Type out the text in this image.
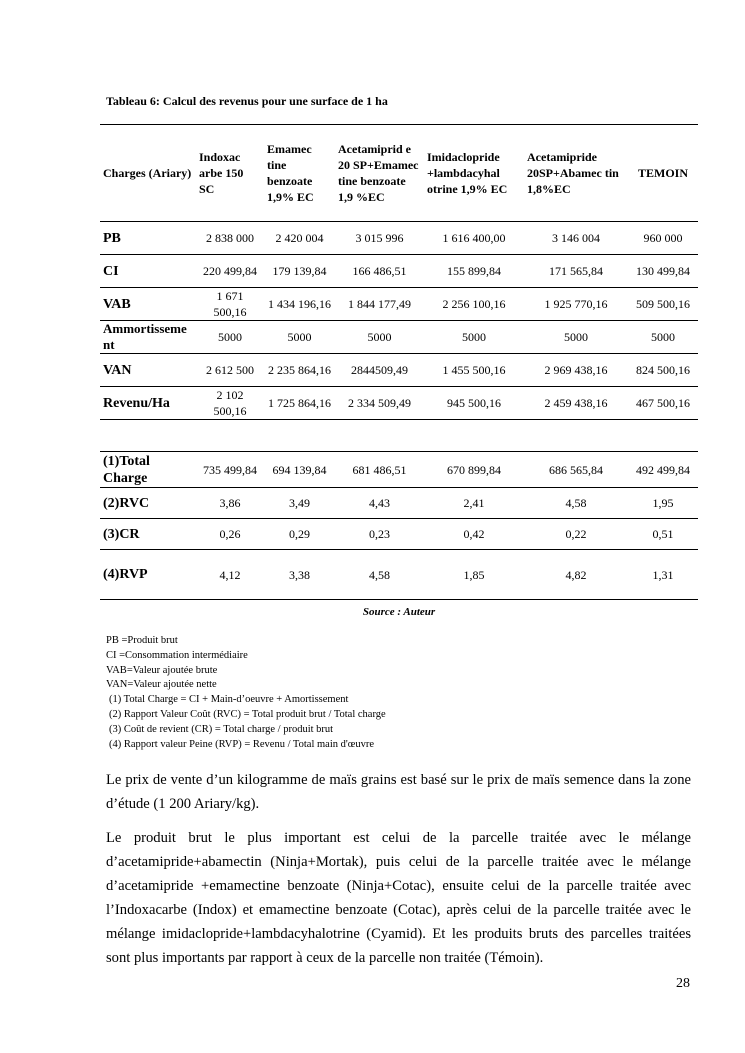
Tableau 6: Calcul des revenus pour une surface de 1 ha
Charges (Ariary)	Indoxac arbe 150 SC	Emamec tine benzoate 1,9% EC	Acetamiprid e 20 SP+Emamec tine benzoate 1,9 %EC	Imidaclopride +lambdacyhal otrine 1,9% EC	Acetamipride 20SP+Abamec tin 1,8%EC	TEMOIN
PB	2 838 000	2 420 004	3 015 996	1 616 400,00	3 146 004	960 000
CI	220 499,84	179 139,84	166 486,51	155 899,84	171 565,84	130 499,84
VAB	1 671 500,16	1 434 196,16	1 844 177,49	2 256 100,16	1 925 770,16	509 500,16
Ammortissement	5000	5000	5000	5000	5000	5000
VAN	2 612 500	2 235 864,16	2844509,49	1 455 500,16	2 969 438,16	824 500,16
Revenu/Ha	2 102 500,16	1 725 864,16	2 334 509,49	945 500,16	2 459 438,16	467 500,16

(1)Total Charge	735 499,84	694 139,84	681 486,51	670 899,84	686 565,84	492 499,84
(2)RVC	3,86	3,49	4,43	2,41	4,58	1,95
(3)CR	0,26	0,29	0,23	0,42	0,22	0,51
(4)RVP	4,12	3,38	4,58	1,85	4,82	1,31
Source : Auteur
PB =Produit brut
CI =Consommation intermédiaire
VAB=Valeur ajoutée brute
VAN=Valeur ajoutée nette
(1) Total Charge = CI + Main-d’oeuvre + Amortissement
(2) Rapport Valeur Coût (RVC) = Total produit brut / Total charge
(3) Coût de revient (CR) = Total charge / produit brut
(4) Rapport valeur Peine (RVP) = Revenu / Total main d'œuvre
Le prix de vente d’un kilogramme de maïs grains est basé sur le prix de maïs semence dans la zone d’étude (1 200 Ariary/kg).
Le produit brut le plus important est celui de la parcelle traitée avec le mélange d’acetamipride+abamectin (Ninja+Mortak), puis celui de la parcelle traitée avec le mélange d’acetamipride +emamectine benzoate (Ninja+Cotac), ensuite celui de la parcelle traitée avec l’Indoxacarbe (Indox) et emamectine benzoate (Cotac), après celui de la parcelle traitée avec le mélange imidaclopride+lambdacyhalotrine (Cyamid). Et les produits bruts des parcelles traitées sont plus importants par rapport à ceux de la parcelle non traitée (Témoin).
28
